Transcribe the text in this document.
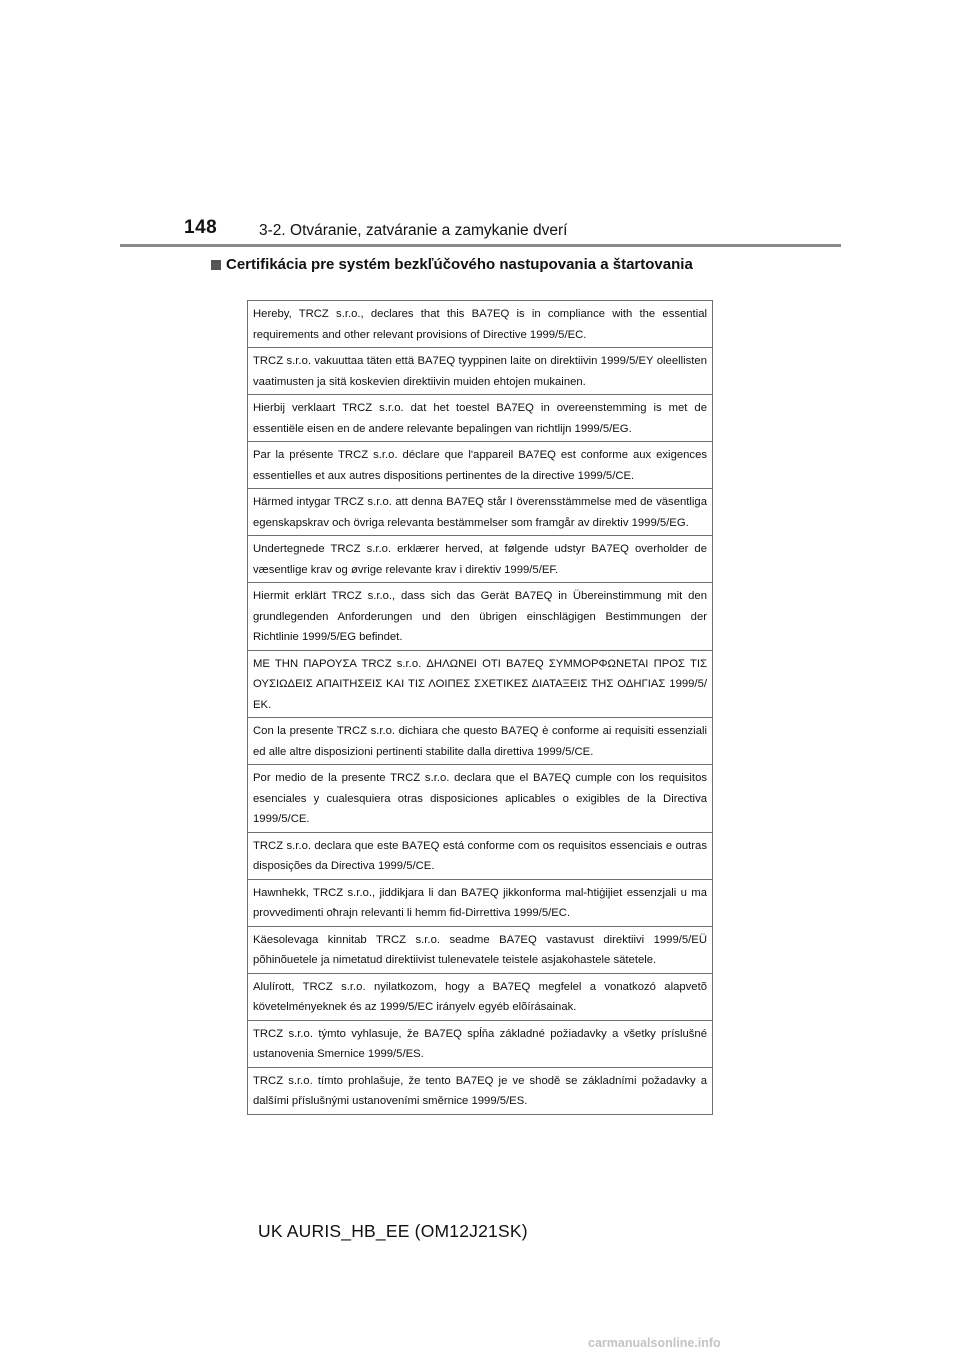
148	3-2. Otváranie, zatváranie a zamykanie dverí
Certifikácia pre systém bezkľúčového nastupovania a štartovania
Hereby, TRCZ s.r.o., declares that this BA7EQ is in compliance with the essential requirements and other relevant provisions of Directive 1999/5/EC.
TRCZ s.r.o. vakuuttaa täten että BA7EQ tyyppinen laite on direktiivin 1999/5/EY oleellisten vaatimusten ja sitä koskevien direktiivin muiden ehtojen mukainen.
Hierbij verklaart TRCZ s.r.o. dat het toestel BA7EQ in overeenstemming is met de essentiële eisen en de andere relevante bepalingen van richtlijn 1999/5/EG.
Par la présente TRCZ s.r.o. déclare que l'appareil BA7EQ est conforme aux exigences essentielles et aux autres dispositions pertinentes de la directive 1999/5/CE.
Härmed intygar TRCZ s.r.o. att denna BA7EQ står I överensstämmelse med de väsentliga egenskapskrav och övriga relevanta bestämmelser som framgår av direktiv 1999/5/EG.
Undertegnede TRCZ s.r.o. erklærer herved, at følgende udstyr BA7EQ overholder de væsentlige krav og øvrige relevante krav i direktiv 1999/5/EF.
Hiermit erklärt TRCZ s.r.o., dass sich das Gerät BA7EQ in Übereinstimmung mit den grundlegenden Anforderungen und den übrigen einschlägigen Bestimmungen der Richtlinie 1999/5/EG befindet.
ΜΕ ΤΗΝ ΠΑΡΟΥΣΑ TRCZ s.r.o. ΔΗΛΩΝΕΙ ΟΤΙ BA7EQ ΣΥΜΜΟΡΦΩΝΕΤΑΙ ΠΡΟΣ ΤΙΣ ΟΥΣΙΩΔΕΙΣ ΑΠΑΙΤΗΣΕΙΣ ΚΑΙ ΤΙΣ ΛΟΙΠΕΣ ΣΧΕΤΙΚΕΣ ΔΙΑΤΑΞΕΙΣ ΤΗΣ ΟΔΗΓΙΑΣ 1999/5/ΕΚ.
Con la presente TRCZ s.r.o. dichiara che questo BA7EQ è conforme ai requisiti essenziali ed alle altre disposizioni pertinenti stabilite dalla direttiva 1999/5/CE.
Por medio de la presente TRCZ s.r.o. declara que el BA7EQ cumple con los requisitos esenciales y cualesquiera otras disposiciones aplicables o exigibles de la Directiva 1999/5/CE.
TRCZ s.r.o. declara que este BA7EQ está conforme com os requisitos essenciais e outras disposições da Directiva 1999/5/CE.
Hawnhekk, TRCZ s.r.o., jiddikjara li dan BA7EQ jikkonforma mal-ħtiġijiet essenzjali u ma provvedimenti oħrajn relevanti li hemm fid-Dirrettiva 1999/5/EC.
Käesolevaga kinnitab TRCZ s.r.o. seadme BA7EQ vastavust direktiivi 1999/5/EÜ põhinõuetele ja nimetatud direktiivist tulenevatele teistele asjakohastele sätetele.
Alulírott, TRCZ s.r.o. nyilatkozom, hogy a BA7EQ megfelel a vonatkozó alapvetõ követelményeknek és az 1999/5/EC irányelv egyéb elõírásainak.
TRCZ s.r.o. týmto vyhlasuje, že BA7EQ spĺňa základné požiadavky a všetky príslušné ustanovenia Smernice 1999/5/ES.
TRCZ s.r.o. tímto prohlašuje, že tento BA7EQ je ve shodě se základními požadavky a dalšími příslušnými ustanoveními směrnice 1999/5/ES.
UK AURIS_HB_EE (OM12J21SK)
carmanualsonline.info
